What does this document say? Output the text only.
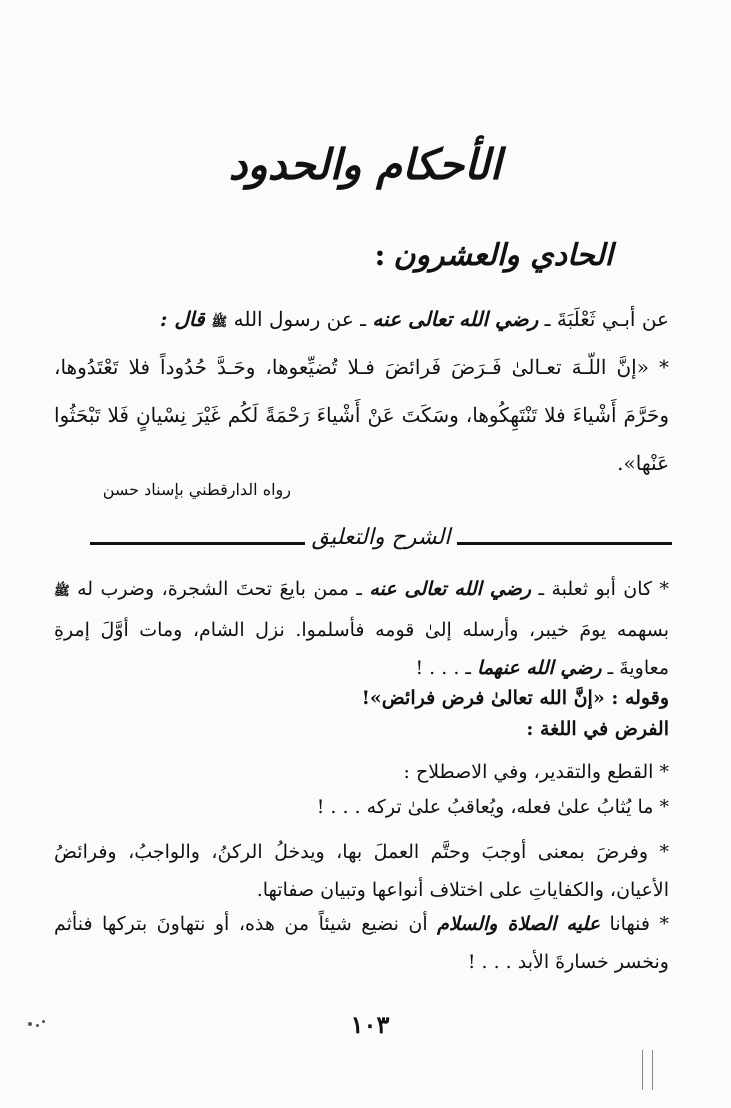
الأحكام والحدود
الحادي والعشرون:
عن أبـي ثَعْلَبَةَ ـ رضي الله تعالى عنه ـ عن رسول الله ﷺ قال :
* «إنَّ اللّـهَ تعـالىٰ فَـرَضَ فَرائضَ فـلا تُضيِّعوها، وحَـدَّ حُدُوداً فلا تَعْتَدُوها، وحَرَّمَ أَشْياءَ فلا تَنْتَهِكُوها، وسَكَتَ عَنْ أَشْياءَ رَحْمَةً لَكُم غَيْرَ نِسْيانٍ فَلا تَبْحَثُوا عَنْها».
رواه الدارقطني بإسناد حسن
الشرح والتعليق
* كان أبو ثعلبة ـ رضي الله تعالى عنه ـ ممن بايعَ تحتَ الشجرة، وضرب له ﷺ بسهمه يومَ خيبر، وأرسله إلىٰ قومه فأسلموا. نزل الشام، ومات أوَّلَ إمرةِ معاويةَ ـ رضي الله عنهما ـ . . . !
وقوله : «إنَّ الله تعالىٰ فرض فرائض»!
الفرض في اللغة :
* القطع والتقدير، وفي الاصطلاح :
* ما يُثابُ علىٰ فعله، ويُعاقبُ علىٰ تركه . . . !
* وفرضَ بمعنى أوجبَ وحتَّم العملَ بها، ويدخلُ الركنُ، والواجبُ، وفرائضُ الأعيان، والكفاياتِ على اختلاف أنواعها وتبيان صفاتها.
* فنهانا عليه الصلاة والسلام أن نضيع شيئاً من هذه، أو نتهاونَ بتركها فنأثم ونخسر خسارةَ الأبد . . . !
١٠٣
